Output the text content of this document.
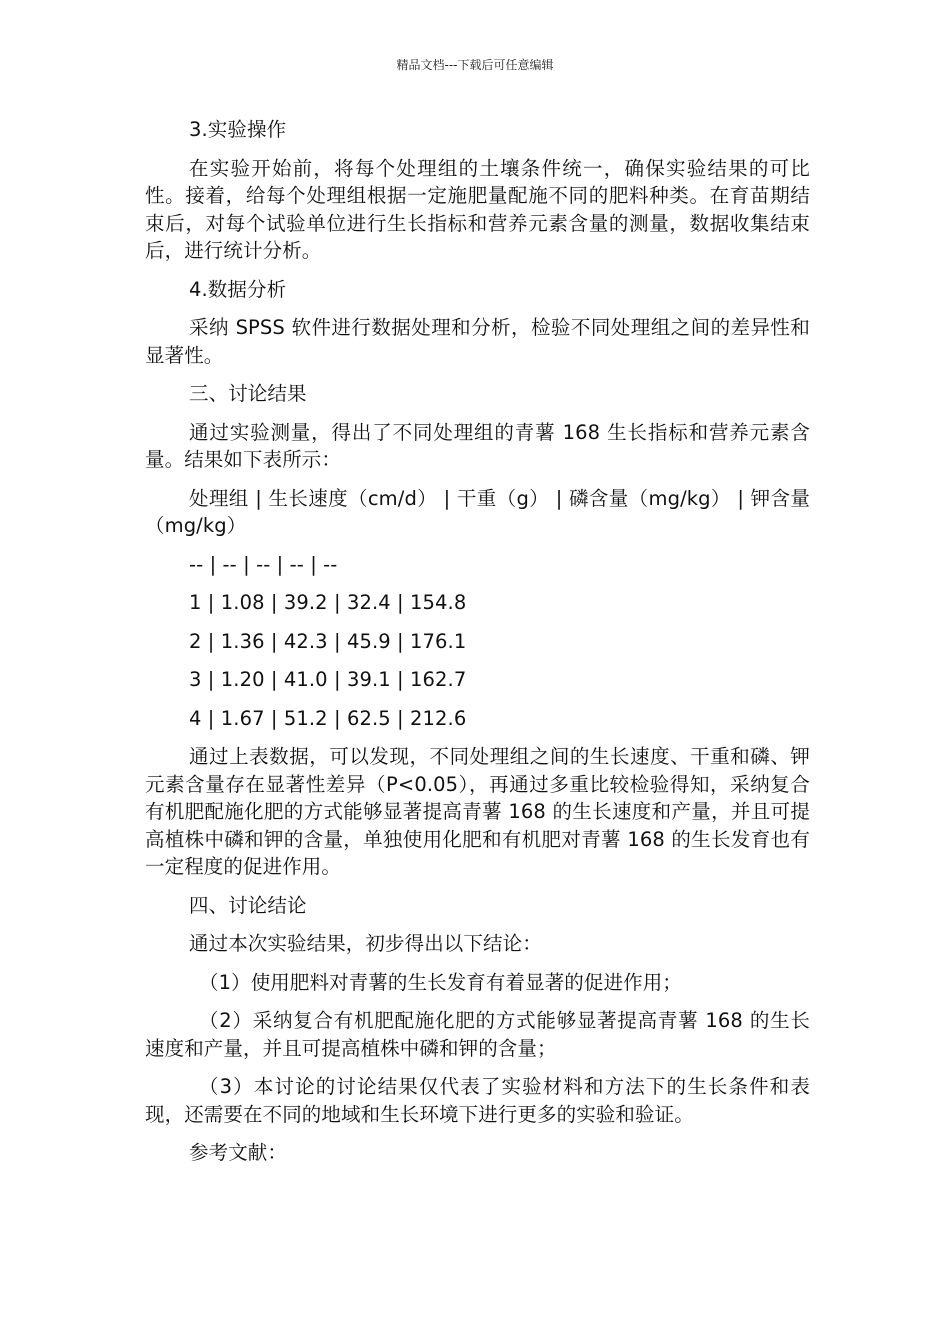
精品文档---下载后可任意编辑

3.实验操作

在实验开始前，将每个处理组的土壤条件统一，确保实验结果的可比性。接着，给每个处理组根据一定施肥量配施不同的肥料种类。在育苗期结束后，对每个试验单位进行生长指标和营养元素含量的测量，数据收集结束后，进行统计分析。

4.数据分析

采纳 SPSS 软件进行数据处理和分析，检验不同处理组之间的差异性和显著性。

三、讨论结果

通过实验测量，得出了不同处理组的青薯 168 生长指标和营养元素含量。结果如下表所示：

处理组 | 生长速度（cm/d） | 干重（g） | 磷含量（mg/kg） | 钾含量（mg/kg）

-- | -- | -- | -- | --

1 | 1.08 | 39.2 | 32.4 | 154.8

2 | 1.36 | 42.3 | 45.9 | 176.1

3 | 1.20 | 41.0 | 39.1 | 162.7

4 | 1.67 | 51.2 | 62.5 | 212.6

通过上表数据，可以发现，不同处理组之间的生长速度、干重和磷、钾元素含量存在显著性差异（P<0.05），再通过多重比较检验得知，采纳复合有机肥配施化肥的方式能够显著提高青薯 168 的生长速度和产量，并且可提高植株中磷和钾的含量，单独使用化肥和有机肥对青薯 168 的生长发育也有一定程度的促进作用。

四、讨论结论

通过本次实验结果，初步得出以下结论：

（1）使用肥料对青薯的生长发育有着显著的促进作用；

（2）采纳复合有机肥配施化肥的方式能够显著提高青薯 168 的生长速度和产量，并且可提高植株中磷和钾的含量；

（3）本讨论的讨论结果仅代表了实验材料和方法下的生长条件和表现，还需要在不同的地域和生长环境下进行更多的实验和验证。

参考文献：
